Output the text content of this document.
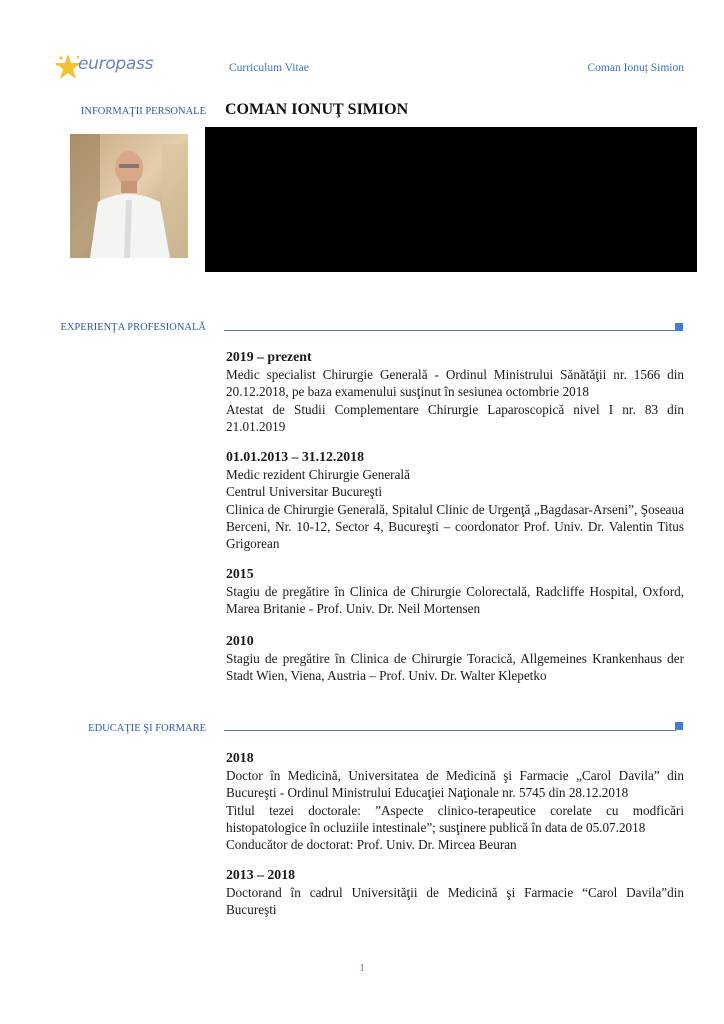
europass	Curriculum Vitae	Coman Ionuț Simion
INFORMAŢII PERSONALE COMAN IONUŢ SIMION
EXPERIENŢA PROFESIONALĂ
2019 – prezent
Medic specialist Chirurgie Generală - Ordinul Ministrului Sănătăţii nr. 1566 din 20.12.2018, pe baza examenului susţinut în sesiunea octombrie 2018
Atestat de Studii Complementare Chirurgie Laparoscopică nivel I nr. 83 din 21.01.2019
01.01.2013 – 31.12.2018
Medic rezident Chirurgie Generală
Centrul Universitar Bucureşti
Clinica de Chirurgie Generală, Spitalul Clinic de Urgenţă „Bagdasar-Arseni”, Şoseaua Berceni, Nr. 10-12, Sector 4, Bucureşti – coordonator Prof. Univ. Dr. Valentin Titus Grigorean
2015
Stagiu de pregătire în Clinica de Chirurgie Colorectală, Radcliffe Hospital, Oxford, Marea Britanie - Prof. Univ. Dr. Neil Mortensen
2010
Stagiu de pregătire în Clinica de Chirurgie Toracică, Allgemeines Krankenhaus der Stadt Wien, Viena, Austria – Prof. Univ. Dr. Walter Klepetko
EDUCAŢIE ŞI FORMARE
2018
Doctor în Medicină, Universitatea de Medicină şi Farmacie „Carol Davila” din Bucureşti - Ordinul Ministrului Educaţiei Naţionale nr. 5745 din 28.12.2018
Titlul tezei doctorale: ”Aspecte clinico-terapeutice corelate cu modficări histopatologice în ocluziile intestinale”; susţinere publică în data de 05.07.2018
Conducător de doctorat: Prof. Univ. Dr. Mircea Beuran
2013 – 2018
Doctorand în cadrul Universităţii de Medicină şi Farmacie “Carol Davila”din Bucureşti
1
